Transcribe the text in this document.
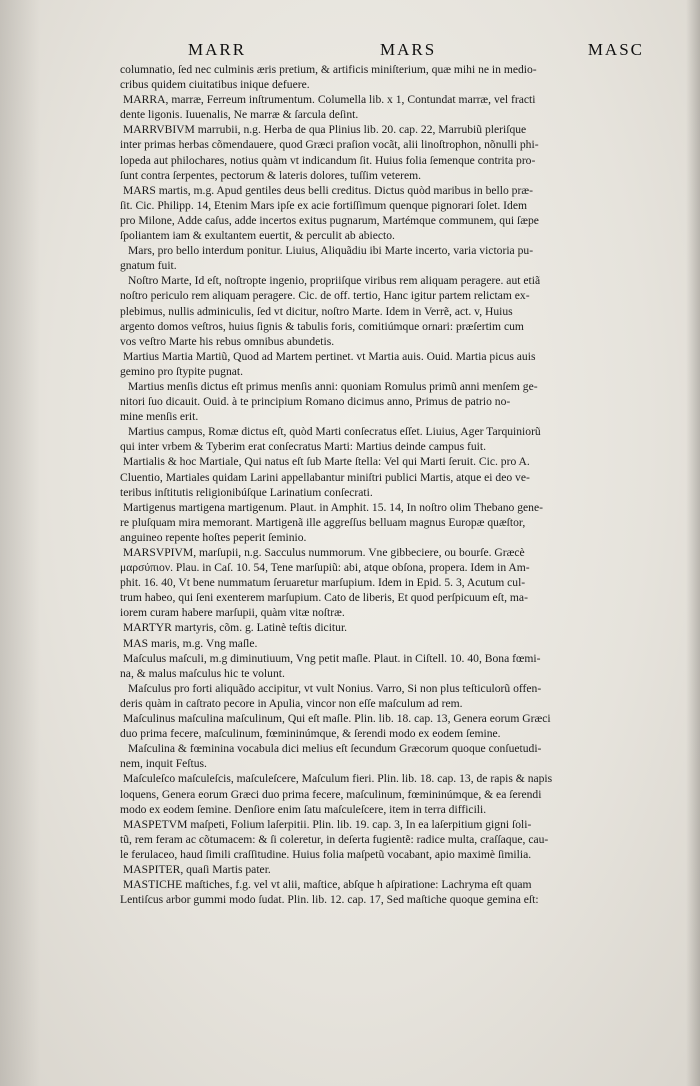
MARR	MARS	MASC
columnatio, ſed nec culminis æris pretium, & artificis miniſterium, quæ mihi ne in medio-
cribus quidem ciuitatibus inique defuere.
MARRA, marræ, Ferreum inſtrumentum. Columella lib. x 1, Contundat marræ, vel fracti
dente ligonis. Iuuenalis, Ne marræ & ſarcula deſint.
MARRVBIVM marrubii, n.g. Herba de qua Plinius lib. 20. cap. 22, Marrubiũ pleriſque
inter primas herbas cõmendauere, quod Græci praſion vocãt, alii linoſtrophon, nõnulli phi-
lopeda aut philochares, notius quàm vt indicandum ſit. Huius folia ſemenque contrita pro-
ſunt contra ſerpentes, pectorum & lateris dolores, tuſſim veterem.
MARS martis, m.g. Apud gentiles deus belli creditus. Dictus quòd maribus in bello præ-
ſit. Cic. Philipp. 14, Etenim Mars ipſe ex acie fortiſſimum quenque pignorari ſolet. Idem
pro Milone, Adde caſus, adde incertos exitus pugnarum, Martémque communem, qui ſæpe
ſpoliantem iam & exultantem euertit, & perculit ab abiecto.
Mars, pro bello interdum ponitur. Liuius, Aliquãdiu ibi Marte incerto, varia victoria pu-
gnatum fuit.
Noſtro Marte, Id eſt, noſtropte ingenio, propriiſque viribus rem aliquam peragere. aut etiã
noſtro periculo rem aliquam peragere. Cic. de off. tertio, Hanc igitur partem relictam ex-
plebimus, nullis adminiculis, ſed vt dicitur, noſtro Marte. Idem in Verrẽ, act. v, Huius
argento domos veſtros, huius ſignis & tabulis foris, comitiúmque ornari: præſertim cum
vos veſtro Marte his rebus omnibus abundetis.
Martius Martia Martiũ, Quod ad Martem pertinet. vt Martia auis. Ouid. Martia picus auis
gemino pro ſtypite pugnat.
Martius menſis dictus eſt primus menſis anni: quoniam Romulus primũ anni menſem ge-
nitori ſuo dicauit. Ouid. à te principium Romano dicimus anno, Primus de patrio no-
mine menſis erit.
Martius campus, Romæ dictus eſt, quòd Marti conſecratus eſſet. Liuius, Ager Tarquiniorũ
qui inter vrbem & Tyberim erat conſecratus Marti: Martius deinde campus fuit.
Martialis & hoc Martiale, Qui natus eſt ſub Marte ſtella: Vel qui Marti ſeruit. Cic. pro A.
Cluentio, Martiales quidam Larini appellabantur miniſtri publici Martis, atque ei deo ve-
teribus inſtitutis religionibúſque Larinatium conſecrati.
Martigenus martigena martigenum. Plaut. in Amphit. 15. 14, In noſtro olim Thebano gene-
re pluſquam mira memorant. Martigenã ille aggreſſus belluam magnus Europæ quæſtor,
anguineo repente hoſtes peperit ſeminio.
MARSVPIVM, marſupii, n.g. Sacculus nummorum. Vne gibbeciere, ou bourſe. Græcè
μαρσύπιον. Plau. in Caſ. 10. 54, Tene marſupiũ: abi, atque obſona, propera. Idem in Am-
phit. 16. 40, Vt bene nummatum ſeruaretur marſupium. Idem in Epid. 5. 3, Acutum cul-
trum habeo, qui ſeni exenterem marſupium. Cato de liberis, Et quod perſpicuum eſt, ma-
iorem curam habere marſupii, quàm vitæ noſtræ.
MARTYR martyris, cõm. g. Latinè teſtis dicitur.
MAS maris, m.g. Vng maſle.
Maſculus maſculi, m.g diminutiuum, Vng petit maſle. Plaut. in Ciſtell. 10. 40, Bona fœmi-
na, & malus maſculus hic te volunt.
Maſculus pro forti aliquãdo accipitur, vt vult Nonius. Varro, Si non plus teſticulorũ offen-
deris quàm in caſtrato pecore in Apulia, vincor non eſſe maſculum ad rem.
Maſculinus maſculina maſculinum, Qui eſt maſle. Plin. lib. 18. cap. 13, Genera eorum Græci
duo prima fecere, maſculinum, fœmininúmque, & ſerendi modo ex eodem ſemine.
Maſculina & fœminina vocabula dici melius eſt ſecundum Græcorum quoque conſuetudi-
nem, inquit Feſtus.
Maſculeſco maſculeſcis, maſculeſcere, Maſculum fieri. Plin. lib. 18. cap. 13, de rapis & napis
loquens, Genera eorum Græci duo prima fecere, maſculinum, fœmininúmque, & ea ſerendi
modo ex eodem ſemine. Denſiore enim ſatu maſculeſcere, item in terra difficili.
MASPETVM maſpeti, Folium laſerpitii. Plin. lib. 19. cap. 3, In ea laſerpitium gigni ſoli-
tũ, rem feram ac cõtumacem: & ſi coleretur, in deſerta fugientẽ: radice multa, craſſaque, cau-
le ferulaceo, haud ſimili craſſitudine. Huius folia maſpetũ vocabant, apio maximè ſimilia.
MASPITER, quaſi Martis pater.
MASTICHE maſtiches, f.g. vel vt alii, maſtice, abſque h aſpiratione: Lachryma eſt quam
Lentiſcus arbor gummi modo ſudat. Plin. lib. 12. cap. 17, Sed maſtiche quoque gemina eſt:
